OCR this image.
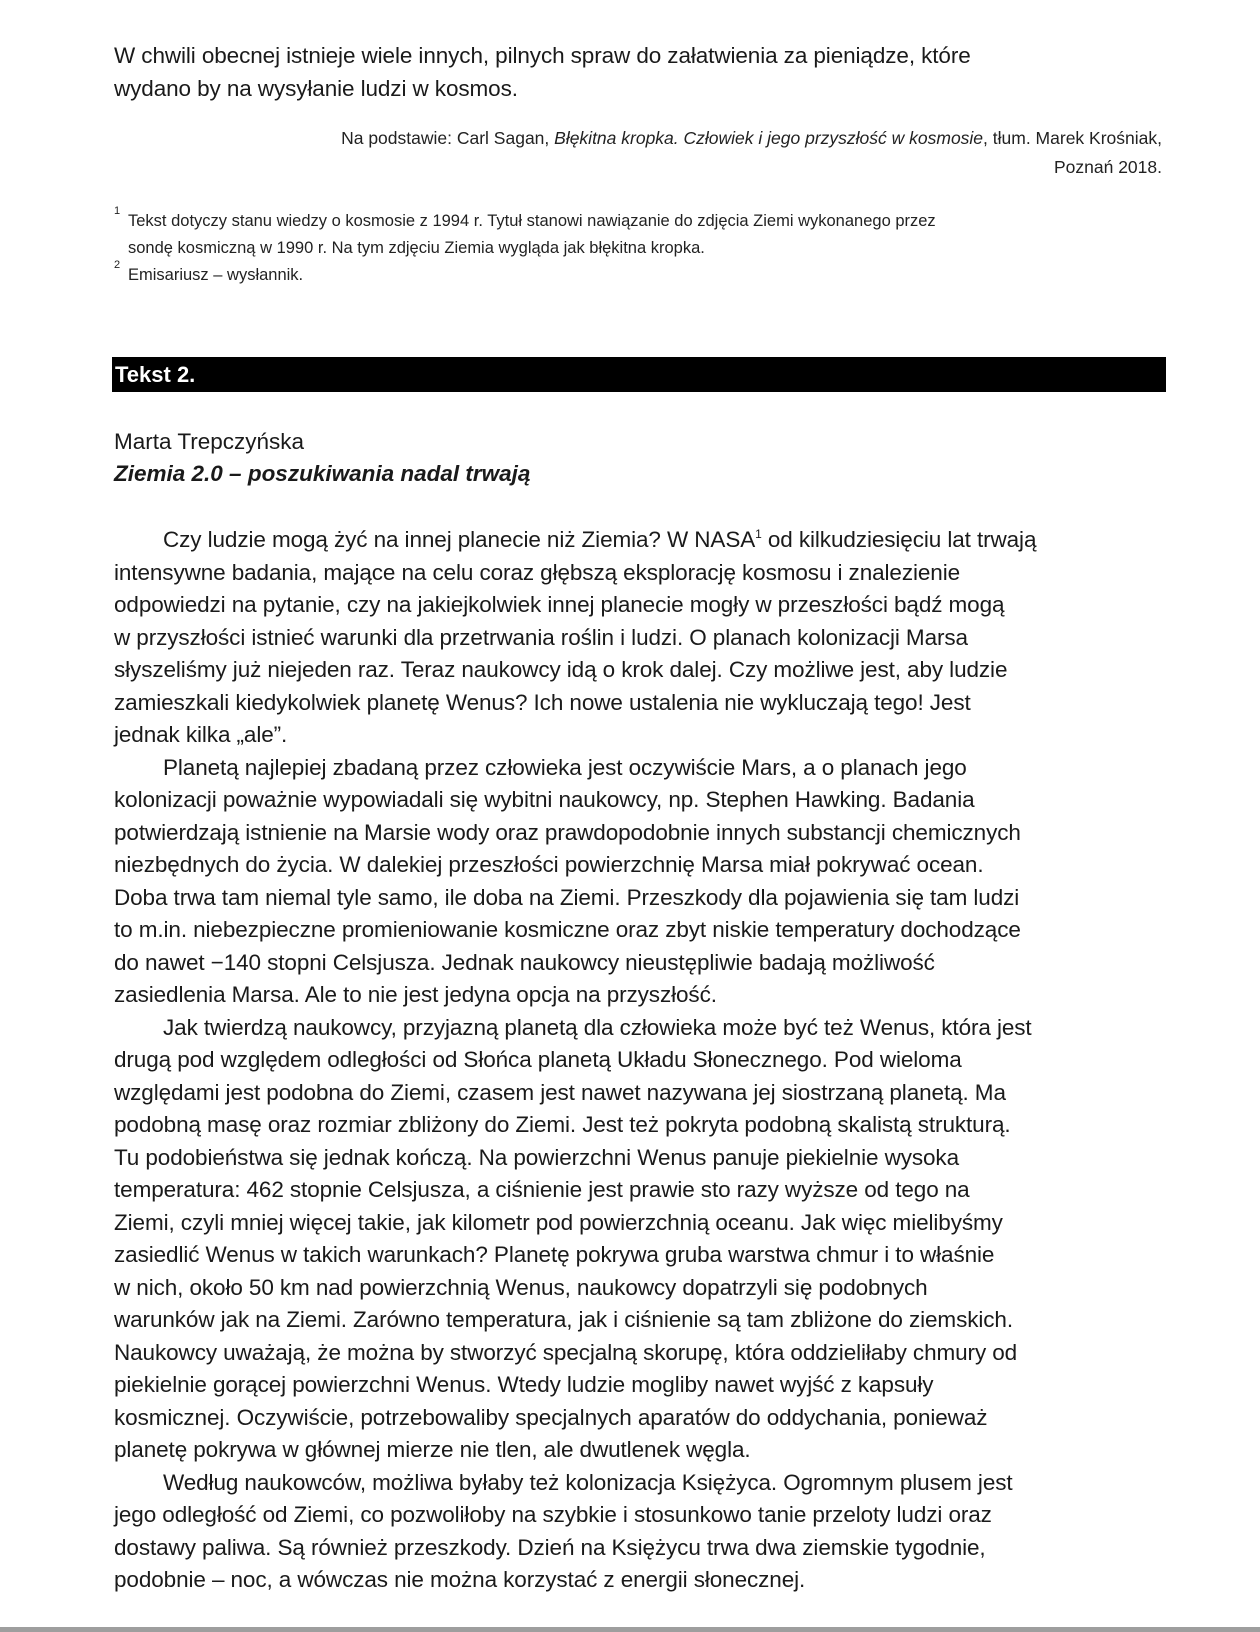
W chwili obecnej istnieje wiele innych, pilnych spraw do załatwienia za pieniądze, które
wydano by na wysyłanie ludzi w kosmos.
Na podstawie: Carl Sagan, Błękitna kropka. Człowiek i jego przyszłość w kosmosie, tłum. Marek Krośniak,
Poznań 2018.
1
Tekst dotyczy stanu wiedzy o kosmosie z 1994 r. Tytuł stanowi nawiązanie do zdjęcia Ziemi wykonanego przez
sondę kosmiczną w 1990 r. Na tym zdjęciu Ziemia wygląda jak błękitna kropka.
2
Emisariusz – wysłannik.
Tekst 2.
Marta Trepczyńska
Ziemia 2.0 – poszukiwania nadal trwają
Czy ludzie mogą żyć na innej planecie niż Ziemia? W NASA$^1$ od kilkudziesięciu lat trwają
intensywne badania, mające na celu coraz głębszą eksplorację kosmosu i znalezienie
odpowiedzi na pytanie, czy na jakiejkolwiek innej planecie mogły w przeszłości bądź mogą
w przyszłości istnieć warunki dla przetrwania roślin i ludzi. O planach kolonizacji Marsa
słyszeliśmy już niejeden raz. Teraz naukowcy idą o krok dalej. Czy możliwe jest, aby ludzie
zamieszkali kiedykolwiek planetę Wenus? Ich nowe ustalenia nie wykluczają tego! Jest
jednak kilka „ale”.
Planetą najlepiej zbadaną przez człowieka jest oczywiście Mars, a o planach jego
kolonizacji poważnie wypowiadali się wybitni naukowcy, np. Stephen Hawking. Badania
potwierdzają istnienie na Marsie wody oraz prawdopodobnie innych substancji chemicznych
niezbędnych do życia. W dalekiej przeszłości powierzchnię Marsa miał pokrywać ocean.
Doba trwa tam niemal tyle samo, ile doba na Ziemi. Przeszkody dla pojawienia się tam ludzi
to m.in. niebezpieczne promieniowanie kosmiczne oraz zbyt niskie temperatury dochodzące
do nawet −140 stopni Celsjusza. Jednak naukowcy nieustępliwie badają możliwość
zasiedlenia Marsa. Ale to nie jest jedyna opcja na przyszłość.
Jak twierdzą naukowcy, przyjazną planetą dla człowieka może być też Wenus, która jest
drugą pod względem odległości od Słońca planetą Układu Słonecznego. Pod wieloma
względami jest podobna do Ziemi, czasem jest nawet nazywana jej siostrzaną planetą. Ma
podobną masę oraz rozmiar zbliżony do Ziemi. Jest też pokryta podobną skalistą strukturą.
Tu podobieństwa się jednak kończą. Na powierzchni Wenus panuje piekielnie wysoka
temperatura: 462 stopnie Celsjusza, a ciśnienie jest prawie sto razy wyższe od tego na
Ziemi, czyli mniej więcej takie, jak kilometr pod powierzchnią oceanu. Jak więc mielibyśmy
zasiedlić Wenus w takich warunkach? Planetę pokrywa gruba warstwa chmur i to właśnie
w nich, około 50 km nad powierzchnią Wenus, naukowcy dopatrzyli się podobnych
warunków jak na Ziemi. Zarówno temperatura, jak i ciśnienie są tam zbliżone do ziemskich.
Naukowcy uważają, że można by stworzyć specjalną skorupę, która oddzieliłaby chmury od
piekielnie gorącej powierzchni Wenus. Wtedy ludzie mogliby nawet wyjść z kapsuły
kosmicznej. Oczywiście, potrzebowaliby specjalnych aparatów do oddychania, ponieważ
planetę pokrywa w głównej mierze nie tlen, ale dwutlenek węgla.
Według naukowców, możliwa byłaby też kolonizacja Księżyca. Ogromnym plusem jest
jego odległość od Ziemi, co pozwoliłoby na szybkie i stosunkowo tanie przeloty ludzi oraz
dostawy paliwa. Są również przeszkody. Dzień na Księżycu trwa dwa ziemskie tygodnie,
podobnie – noc, a wówczas nie można korzystać z energii słonecznej.
